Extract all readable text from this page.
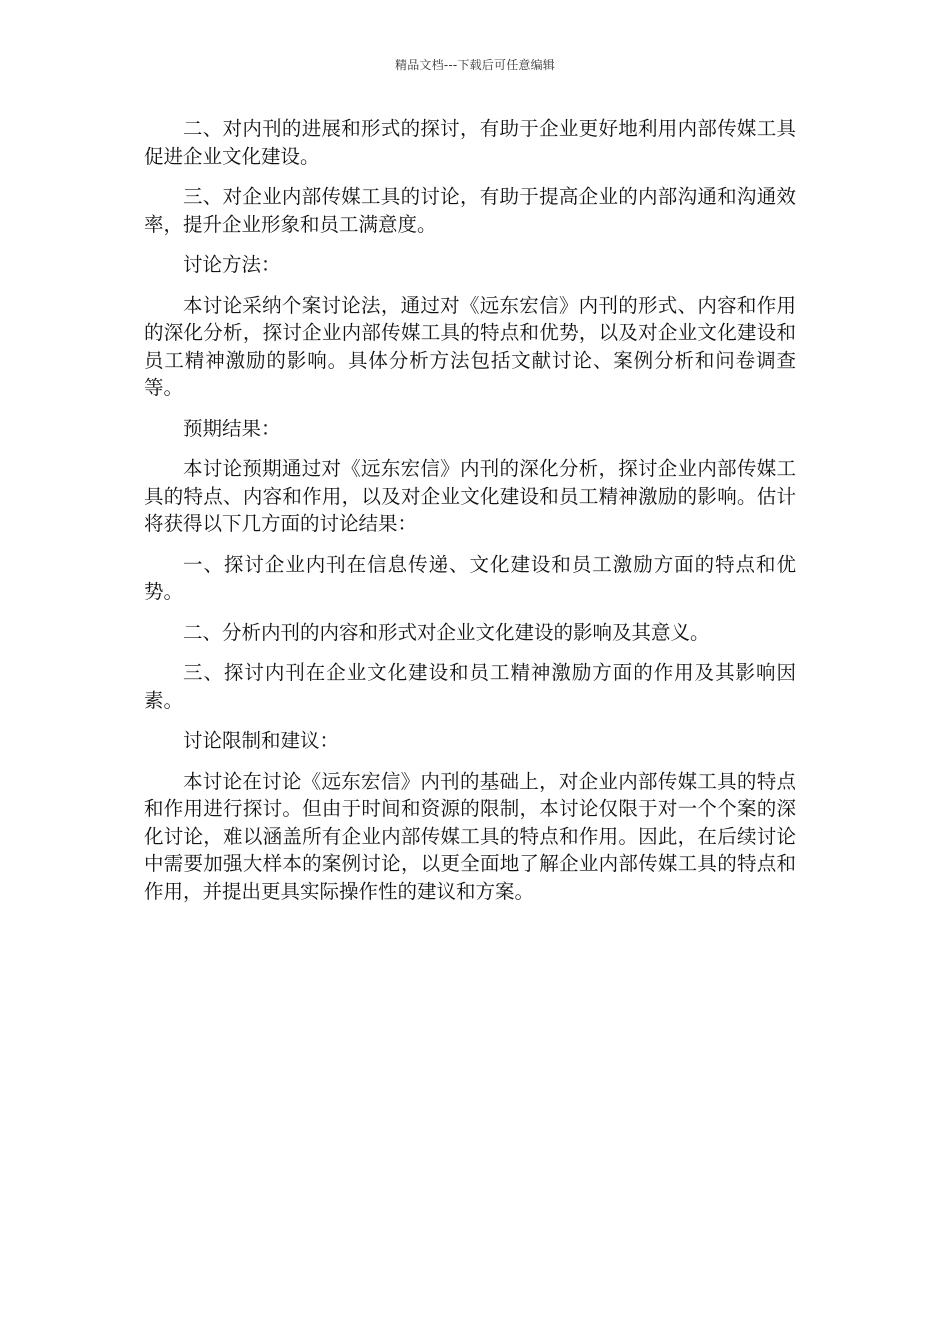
精品文档---下载后可任意编辑

二、对内刊的进展和形式的探讨，有助于企业更好地利用内部传媒工具促进企业文化建设。

三、对企业内部传媒工具的讨论，有助于提高企业的内部沟通和沟通效率，提升企业形象和员工满意度。

讨论方法：

本讨论采纳个案讨论法，通过对《远东宏信》内刊的形式、内容和作用的深化分析，探讨企业内部传媒工具的特点和优势，以及对企业文化建设和员工精神激励的影响。具体分析方法包括文献讨论、案例分析和问卷调查等。

预期结果：

本讨论预期通过对《远东宏信》内刊的深化分析，探讨企业内部传媒工具的特点、内容和作用，以及对企业文化建设和员工精神激励的影响。估计将获得以下几方面的讨论结果：

一、探讨企业内刊在信息传递、文化建设和员工激励方面的特点和优势。

二、分析内刊的内容和形式对企业文化建设的影响及其意义。

三、探讨内刊在企业文化建设和员工精神激励方面的作用及其影响因素。

讨论限制和建议：

本讨论在讨论《远东宏信》内刊的基础上，对企业内部传媒工具的特点和作用进行探讨。但由于时间和资源的限制，本讨论仅限于对一个个案的深化讨论，难以涵盖所有企业内部传媒工具的特点和作用。因此，在后续讨论中需要加强大样本的案例讨论，以更全面地了解企业内部传媒工具的特点和作用，并提出更具实际操作性的建议和方案。
